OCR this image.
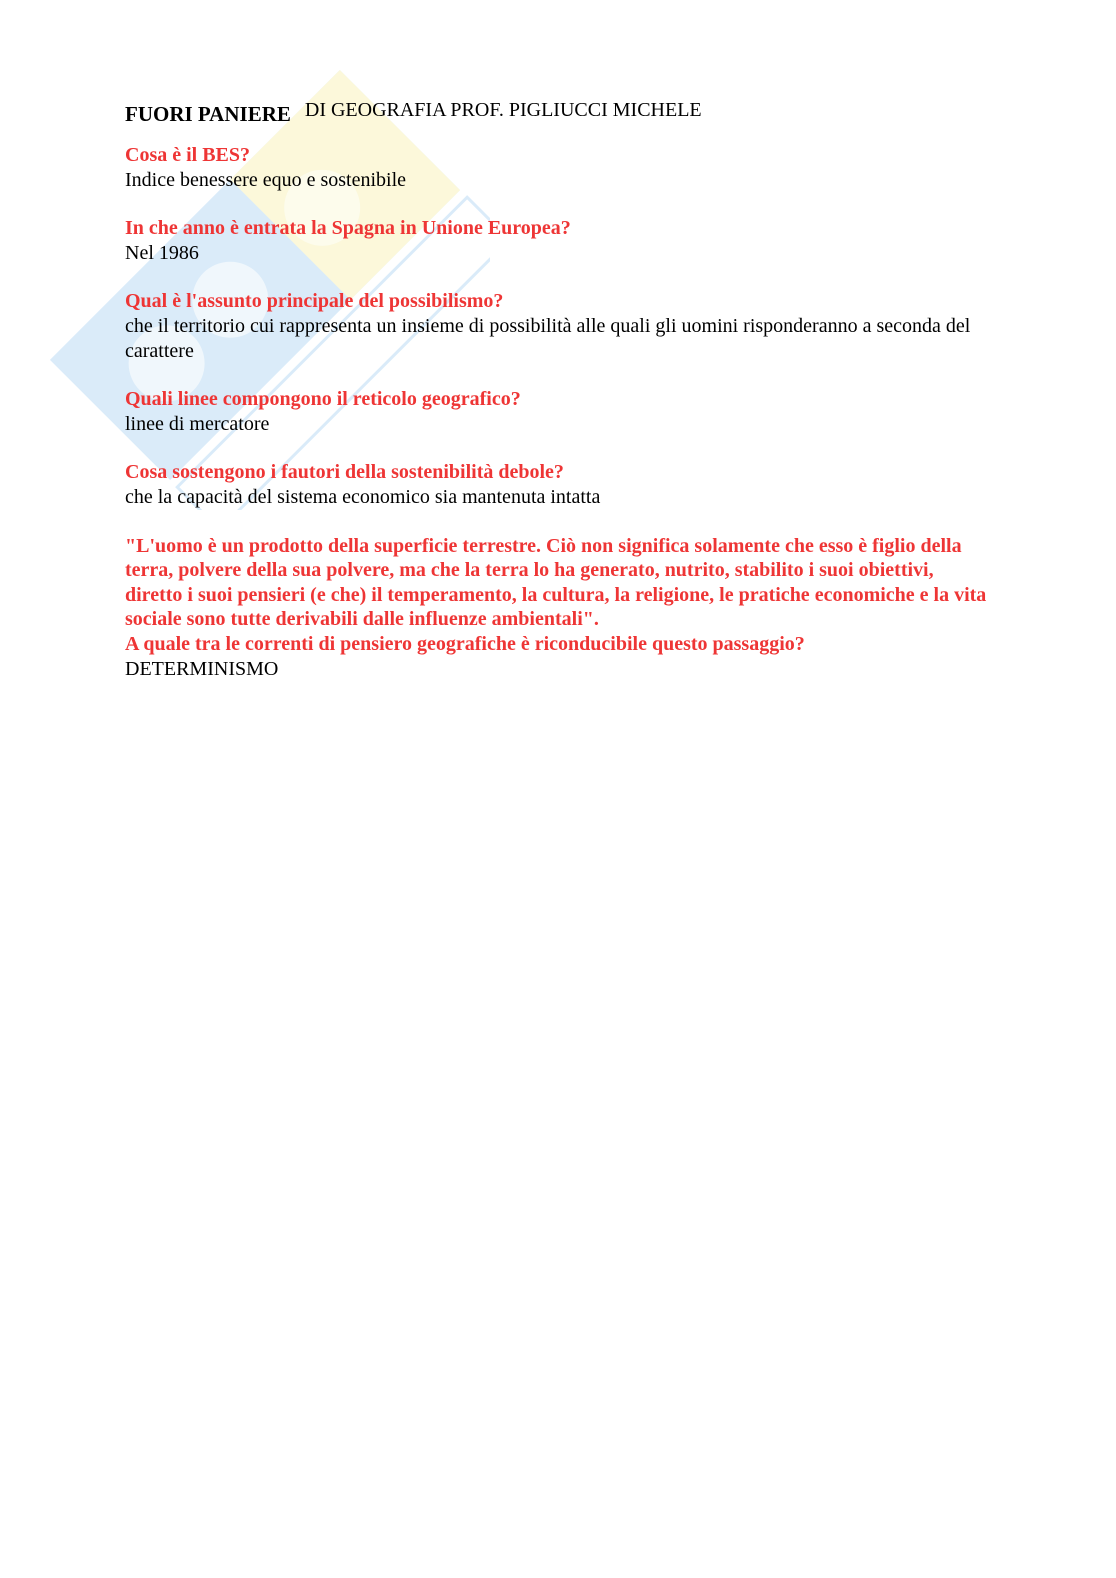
FUORI PANIERE DI GEOGRAFIA PROF. PIGLIUCCI MICHELE

Cosa è il BES?

Indice benessere equo e sostenibile

In che anno è entrata la Spagna in Unione Europea?

Nel 1986

Qual è l'assunto principale del possibilismo?

che il territorio cui rappresenta un insieme di possibilità alle quali gli uomini risponderanno a seconda del carattere

Quali linee compongono il reticolo geografico?

linee di mercatore

Cosa sostengono i fautori della sostenibilità debole?

che la capacità del sistema economico sia mantenuta intatta

"L'uomo è un prodotto della superficie terrestre. Ciò non significa solamente che esso è figlio della terra, polvere della sua polvere, ma che la terra lo ha generato, nutrito, stabilito i suoi obiettivi, diretto i suoi pensieri (e che) il temperamento, la cultura, la religione, le pratiche economiche e la vita sociale sono tutte derivabili dalle influenze ambientali".

A quale tra le correnti di pensiero geografiche è riconducibile questo passaggio?

DETERMINISMO
